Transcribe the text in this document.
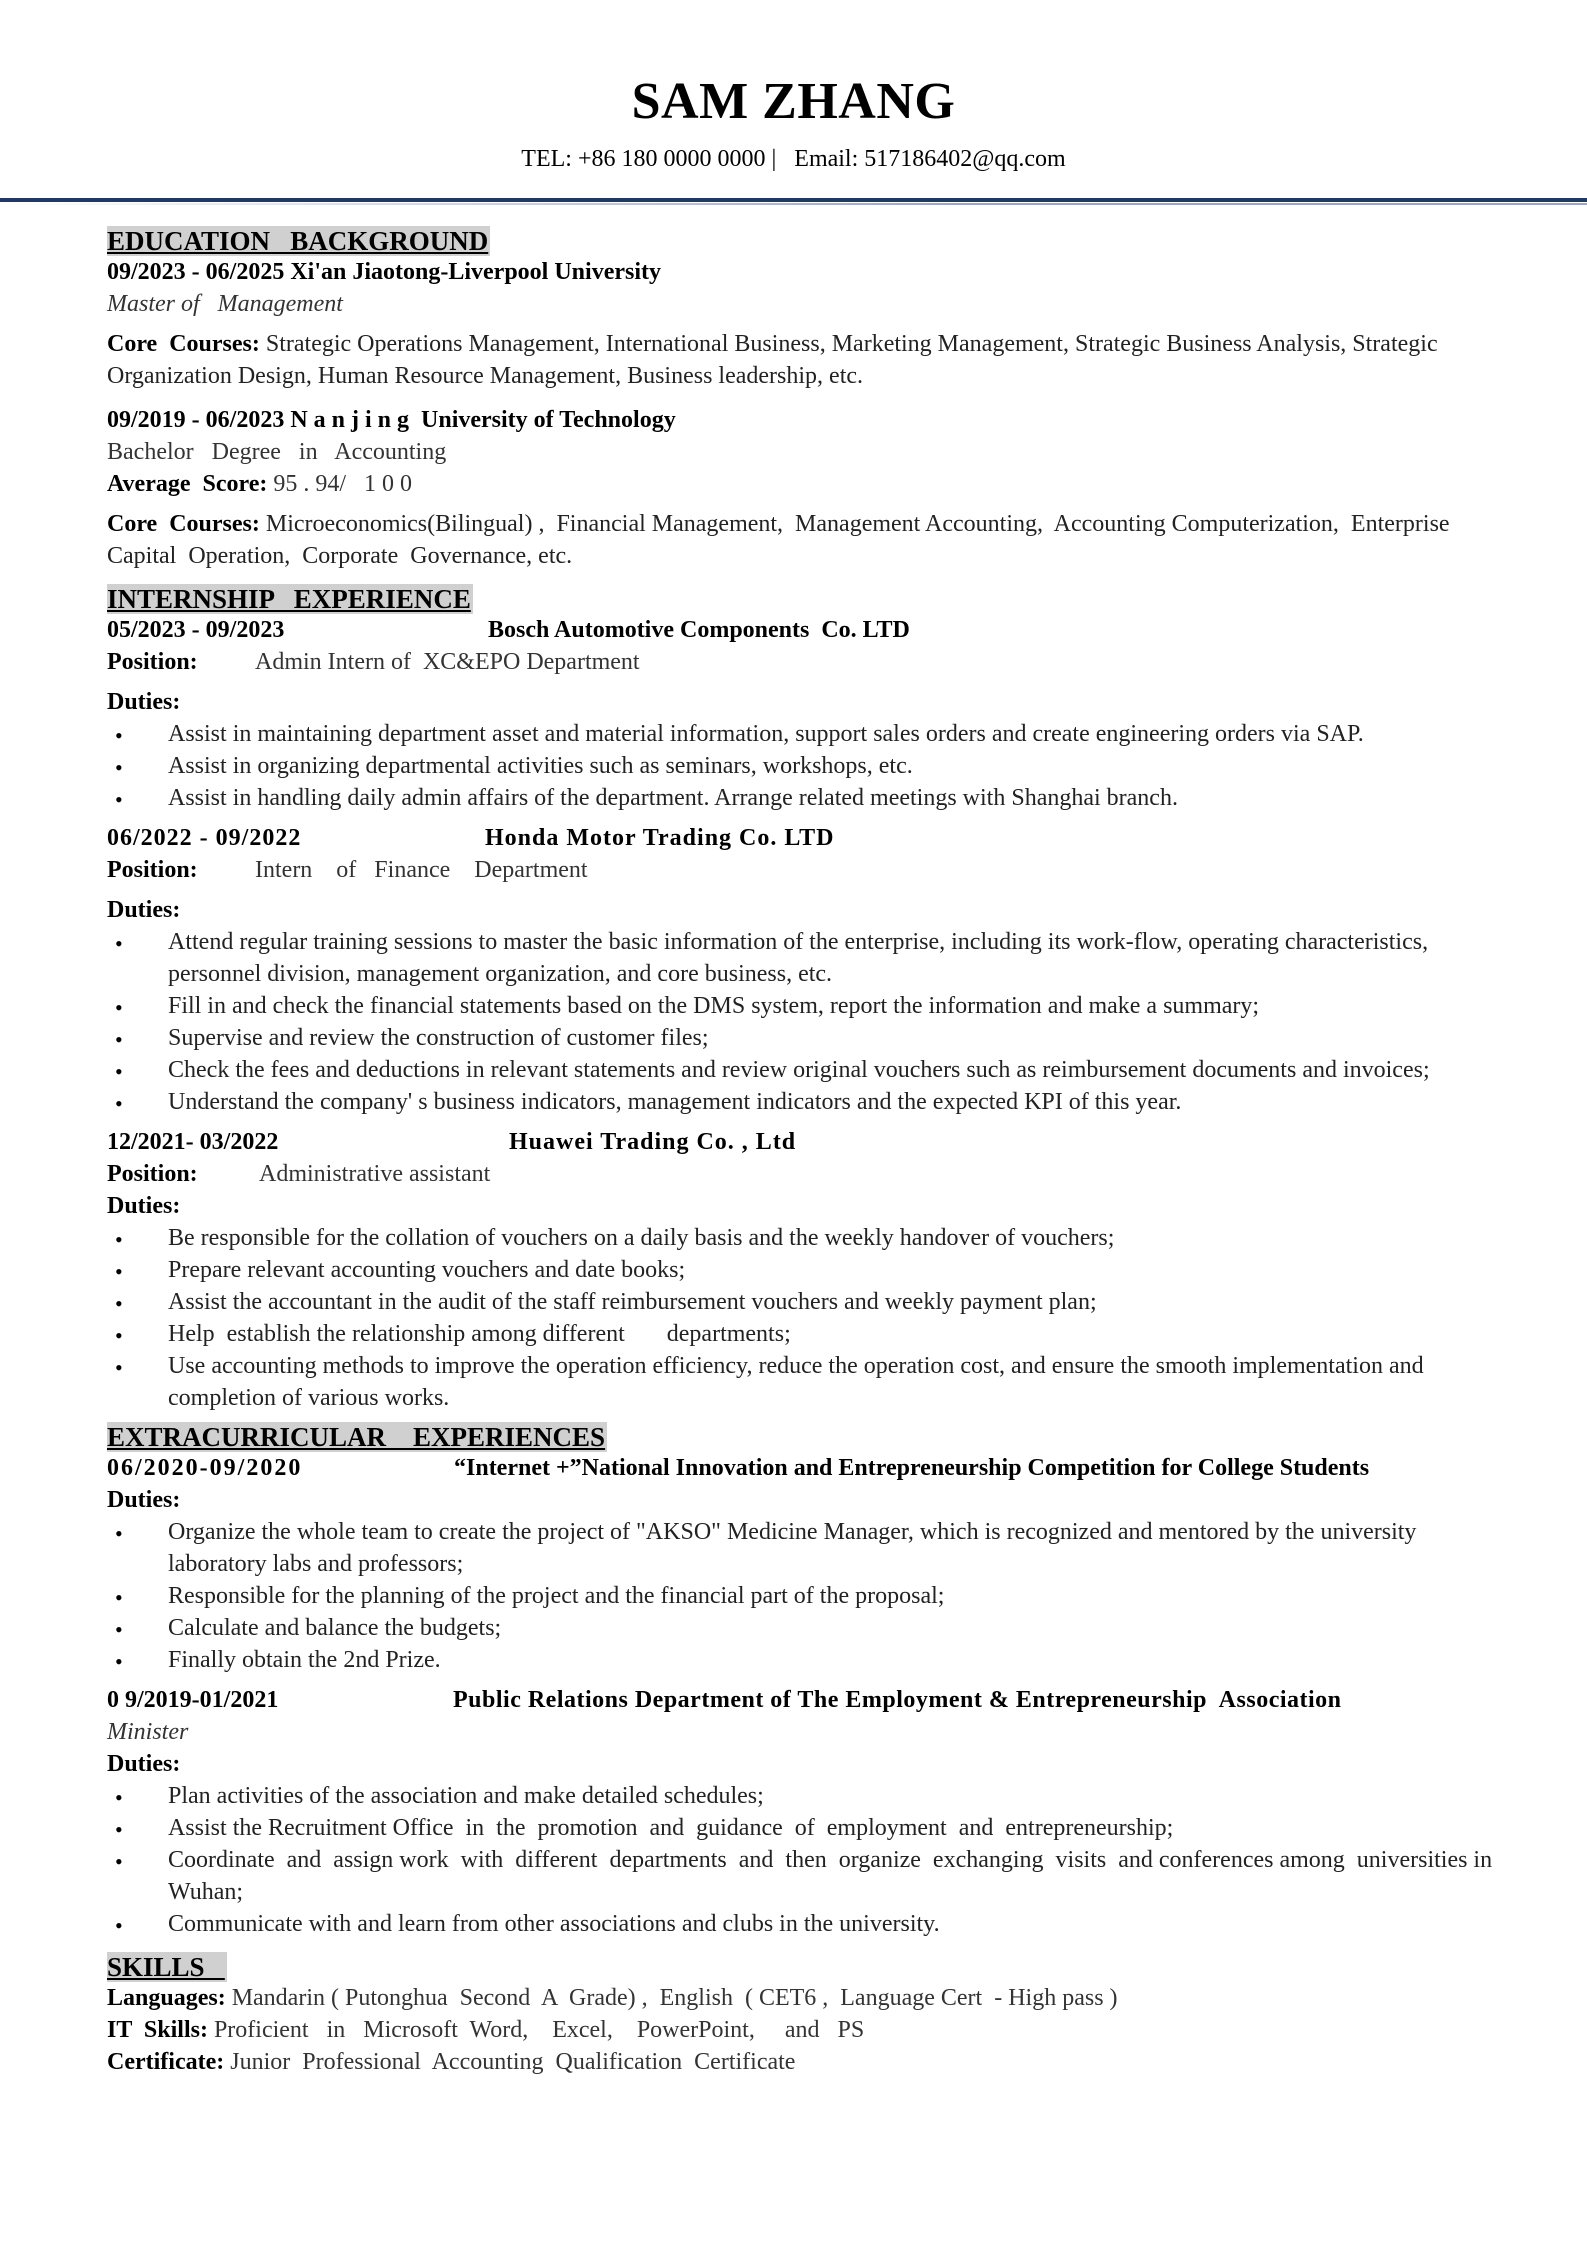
SAM ZHANG
TEL: +86 180 0000 0000 |   Email: 517186402@qq.com
EDUCATION   BACKGROUND
09/2023 - 06/2025 Xi'an Jiaotong-Liverpool University
Master of   Management
Core  Courses: Strategic Operations Management, International Business, Marketing Management, Strategic Business Analysis, Strategic Organization Design, Human Resource Management, Business leadership, etc.
09/2019 - 06/2023 Nanjing University of Technology
Bachelor   Degree   in   Accounting
Average  Score: 95 . 94/   1 0 0
Core  Courses: Microeconomics(Bilingual) ,  Financial Management,  Management Accounting,  Accounting Computerization,  Enterprise  Capital  Operation,  Corporate  Governance, etc.
INTERNSHIP   EXPERIENCE
05/2023 - 09/2023	Bosch Automotive Components  Co. LTD
Position: Admin Intern of  XC&EPO Department
Duties:
• Assist in maintaining department asset and material information, support sales orders and create engineering orders via SAP.
• Assist in organizing departmental activities such as seminars, workshops, etc.
• Assist in handling daily admin affairs of the department. Arrange related meetings with Shanghai branch.
06/2022 - 09/2022	Honda Motor Trading Co. LTD
Position: Intern    of   Finance    Department
Duties:
• Attend regular training sessions to master the basic information of the enterprise, including its work-flow, operating characteristics, personnel division, management organization, and core business, etc.
• Fill in and check the financial statements based on the DMS system, report the information and make a summary;
• Supervise and review the construction of customer files;
• Check the fees and deductions in relevant statements and review original vouchers such as reimbursement documents and invoices;
• Understand the company' s business indicators, management indicators and the expected KPI of this year.
12/2021- 03/2022	Huawei Trading Co. , Ltd
Position:	Administrative assistant
Duties:
• Be responsible for the collation of vouchers on a daily basis and the weekly handover of vouchers;
• Prepare relevant accounting vouchers and date books;
• Assist the accountant in the audit of the staff reimbursement vouchers and weekly payment plan;
• Help  establish the relationship among different       departments;
• Use accounting methods to improve the operation efficiency, reduce the operation cost, and ensure the smooth implementation and completion of various works.
EXTRACURRICULAR    EXPERIENCES
06/2020-09/2020	“Internet +”National Innovation and Entrepreneurship Competition for College Students
Duties:
• Organize the whole team to create the project of "AKSO" Medicine Manager, which is recognized and mentored by the university laboratory labs and professors;
• Responsible for the planning of the project and the financial part of the proposal;
• Calculate and balance the budgets;
• Finally obtain the 2nd Prize.
0 9/2019-01/2021	Public Relations Department of The Employment & Entrepreneurship  Association
Minister
Duties:
• Plan activities of the association and make detailed schedules;
• Assist the Recruitment Office  in  the  promotion  and  guidance  of  employment  and  entrepreneurship;
• Coordinate  and  assign work  with  different  departments  and  then  organize  exchanging  visits  and conferences among  universities in Wuhan;
• Communicate with and learn from other associations and clubs in the university.
SKILLS
Languages: Mandarin ( Putonghua  Second  A  Grade) ,  English  ( CET6 ,  Language Cert  - High pass )
IT  Skills: Proficient   in   Microsoft  Word,    Excel,    PowerPoint,     and   PS
Certificate: Junior  Professional  Accounting  Qualification  Certificate
